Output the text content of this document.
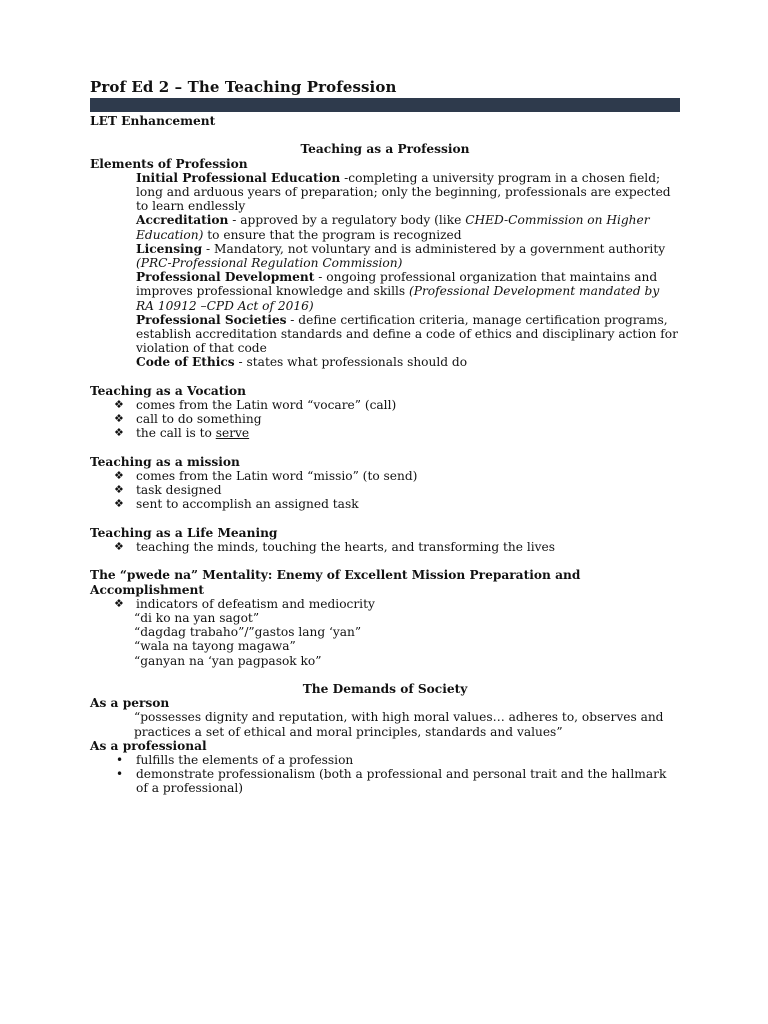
Prof Ed 2 – The Teaching Profession
LET Enhancement
Teaching as a Profession
Elements of Profession
Initial Professional Education -completing a university program in a chosen field; long and arduous years of preparation; only the beginning, professionals are expected to learn endlessly
Accreditation - approved by a regulatory body (like CHED-Commission on Higher Education) to ensure that the program is recognized
Licensing - Mandatory, not voluntary and is administered by a government authority (PRC-Professional Regulation Commission)
Professional Development - ongoing professional organization that maintains and improves professional knowledge and skills (Professional Development mandated by RA 10912 –CPD Act of 2016)
Professional Societies - define certification criteria, manage certification programs, establish accreditation standards and define a code of ethics and disciplinary action for violation of that code
Code of Ethics - states what professionals should do
Teaching as a Vocation
❖ comes from the Latin word “vocare” (call)
❖ call to do something
❖ the call is to serve
Teaching as a mission
❖ comes from the Latin word “missio” (to send)
❖ task designed
❖ sent to accomplish an assigned task
Teaching as a Life Meaning
❖ teaching the minds, touching the hearts, and transforming the lives
The “pwede na” Mentality: Enemy of Excellent Mission Preparation and
Accomplishment
❖ indicators of defeatism and mediocrity
“di ko na yan sagot”
“dagdag trabaho”/”gastos lang ‘yan”
“wala na tayong magawa”
“ganyan na ‘yan pagpasok ko”
The Demands of Society
As a person
“possesses dignity and reputation, with high moral values… adheres to, observes and practices a set of ethical and moral principles, standards and values”
As a professional
• fulfills the elements of a profession
• demonstrate professionalism (both a professional and personal trait and the hallmark of a professional)
